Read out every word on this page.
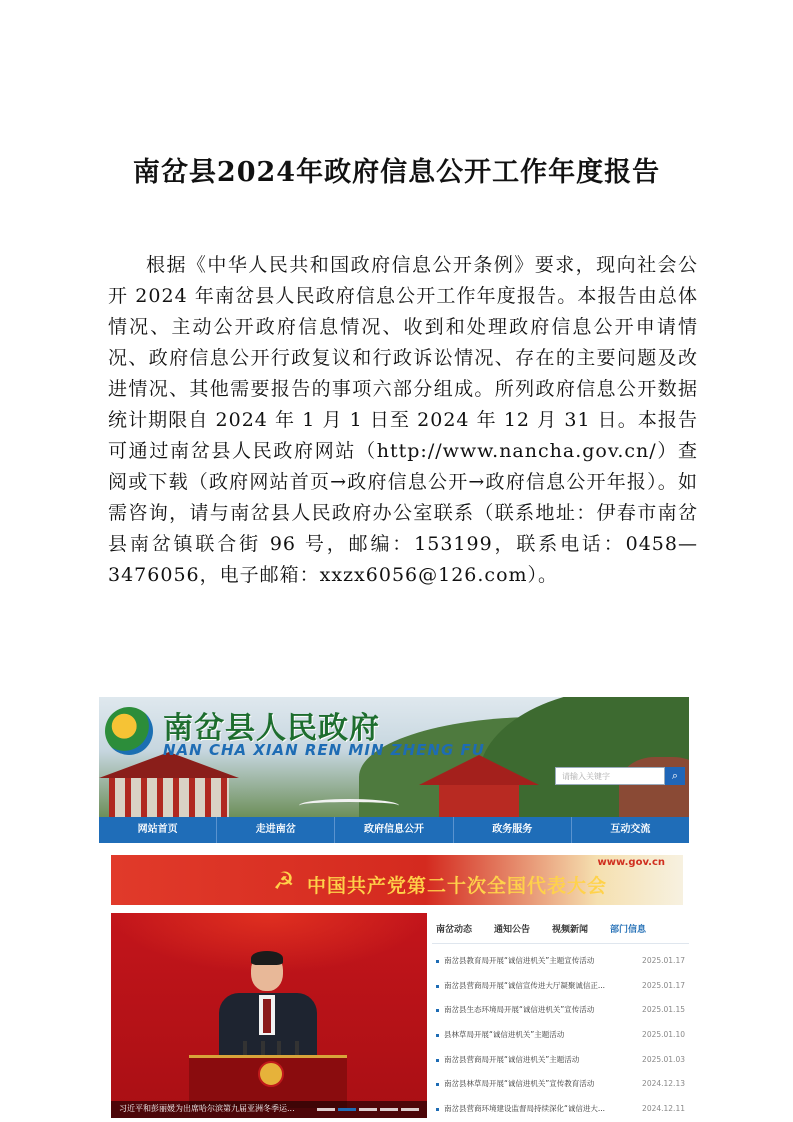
南岔县2024年政府信息公开工作年度报告

根据《中华人民共和国政府信息公开条例》要求，现向社会公开 2024 年南岔县人民政府信息公开工作年度报告。本报告由总体情况、主动公开政府信息情况、收到和处理政府信息公开申请情况、政府信息公开行政复议和行政诉讼情况、存在的主要问题及改进情况、其他需要报告的事项六部分组成。所列政府信息公开数据统计期限自 2024 年 1 月 1 日至 2024 年 12 月 31 日。本报告可通过南岔县人民政府网站（http://www.nancha.gov.cn/）查阅或下载（政府网站首页→政府信息公开→政府信息公开年报）。如需咨询，请与南岔县人民政府办公室联系（联系地址：伊春市南岔县南岔镇联合街 96 号，邮编：153199，联系电话：0458—3476056，电子邮箱：xxzx6056@126.com）。

南岔县人民政府
NAN CHA XIAN REN MIN ZHENG FU
请输入关键字	⌕
网站首页	走进南岔	政府信息公开	政务服务	互动交流
www.gov.cn
☭ 中国共产党第二十次全国代表大会
习近平和彭丽媛为出席哈尔滨第九届亚洲冬季运...
南岔动态	通知公告	视频新闻	部门信息
南岔县教育局开展“诚信进机关”主题宣传活动	2025.01.17
南岔县营商局开展“诚信宣传进大厅凝聚诚信正...	2025.01.17
南岔县生态环境局开展“诚信进机关”宣传活动	2025.01.15
县林草局开展“诚信进机关”主题活动	2025.01.10
南岔县营商局开展“诚信进机关”主题活动	2025.01.03
南岔县林草局开展“诚信进机关”宣传教育活动	2024.12.13
南岔县营商环境建设监督局持续深化“诚信进大...	2024.12.11
